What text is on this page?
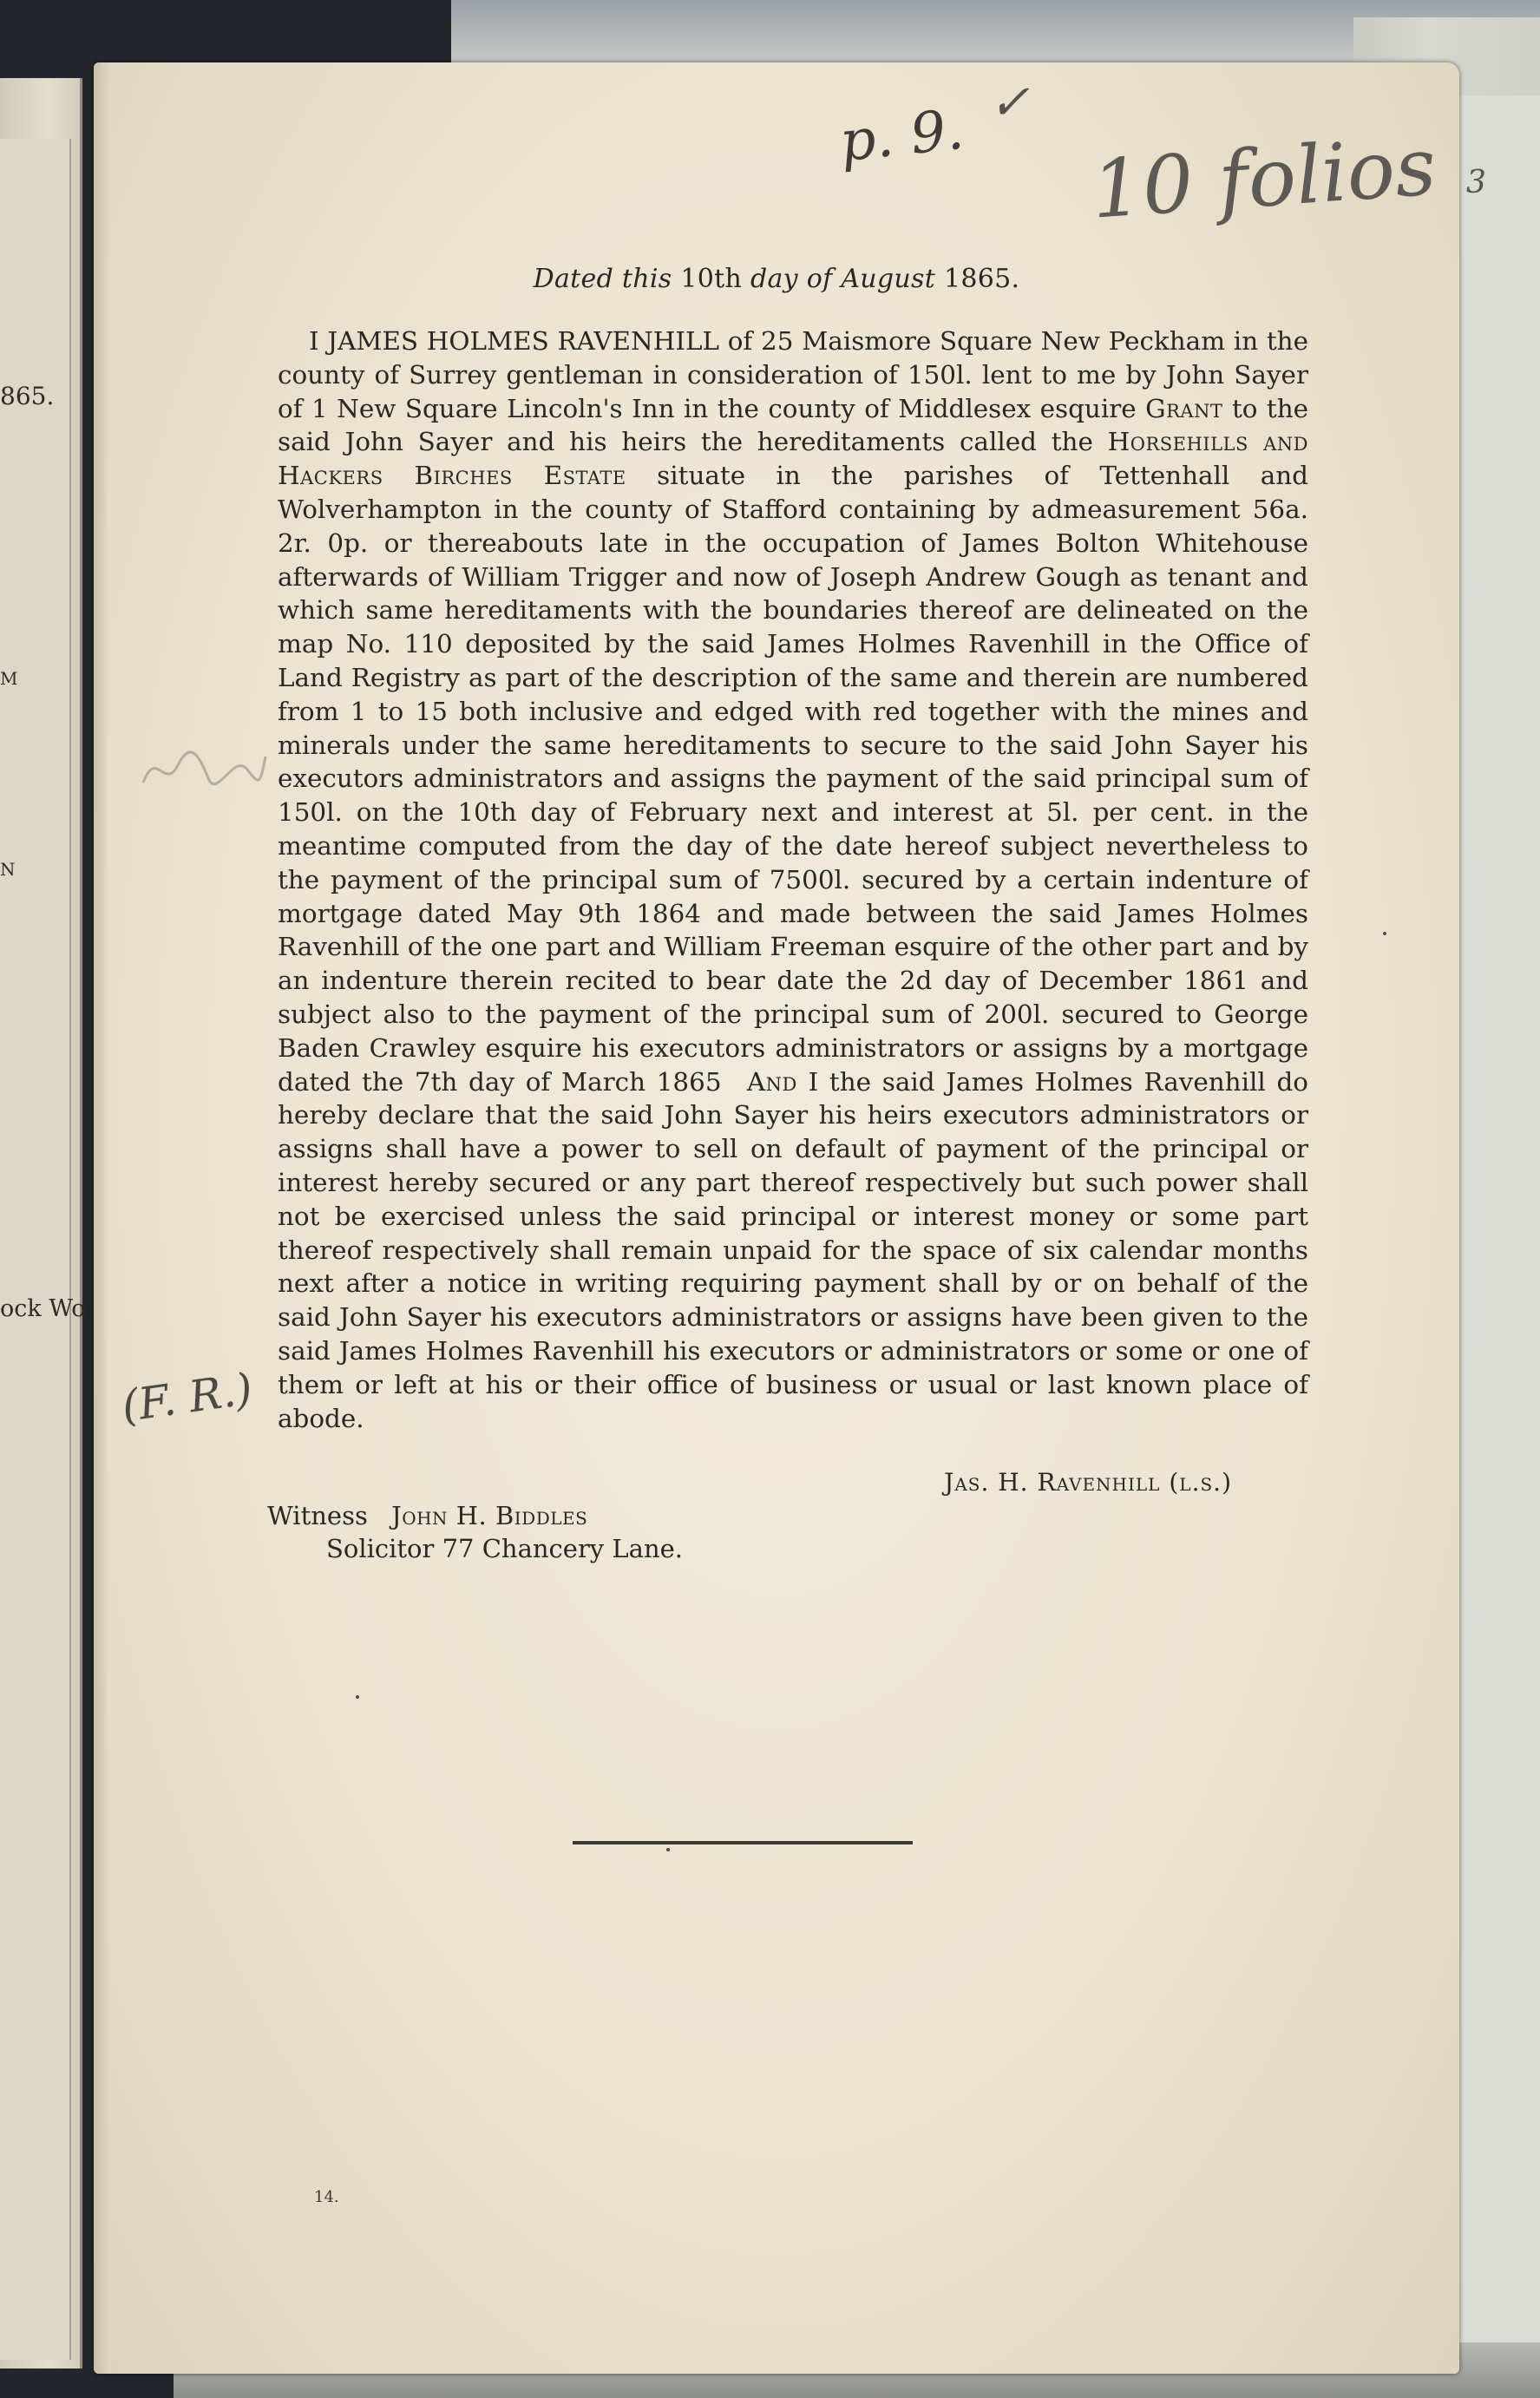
865.
M
N
ock Wo
3
p. 9. ✓
10 folios
(F. R.)
Dated this 10th day of August 1865.

I JAMES HOLMES RAVENHILL of 25 Maismore Square New Peckham in the county of Surrey gentleman in consideration of 150l. lent to me by John Sayer of 1 New Square Lincoln's Inn in the county of Middlesex esquire Grant to the said John Sayer and his heirs the hereditaments called the Horsehills and Hackers Birches Estate situate in the parishes of Tettenhall and Wolverhampton in the county of Stafford containing by admeasurement 56a. 2r. 0p. or thereabouts late in the occupation of James Bolton Whitehouse afterwards of William Trigger and now of Joseph Andrew Gough as tenant and which same hereditaments with the boundaries thereof are delineated on the map No. 110 deposited by the said James Holmes Ravenhill in the Office of Land Registry as part of the description of the same and therein are numbered from 1 to 15 both inclusive and edged with red together with the mines and minerals under the same hereditaments to secure to the said John Sayer his executors administrators and assigns the payment of the said principal sum of 150l. on the 10th day of February next and interest at 5l. per cent. in the meantime computed from the day of the date hereof subject nevertheless to the payment of the principal sum of 7500l. secured by a certain indenture of mortgage dated May 9th 1864 and made between the said James Holmes Ravenhill of the one part and William Freeman esquire of the other part and by an indenture therein recited to bear date the 2d day of December 1861 and subject also to the payment of the principal sum of 200l. secured to George Baden Crawley esquire his executors administrators or assigns by a mortgage dated the 7th day of March 1865  And I the said James Holmes Ravenhill do hereby declare that the said John Sayer his heirs executors administrators or assigns shall have a power to sell on default of payment of the principal or interest hereby secured or any part thereof respectively but such power shall not be exercised unless the said principal or interest money or some part thereof respectively shall remain unpaid for the space of six calendar months next after a notice in writing requiring payment shall by or on behalf of the said John Sayer his executors administrators or assigns have been given to the said James Holmes Ravenhill his executors or administrators or some or one of them or left at his or their office of business or usual or last known place of abode.

Jas. H. Ravenhill (l.s.)
Witness John H. Biddles
Solicitor 77 Chancery Lane.
14.
